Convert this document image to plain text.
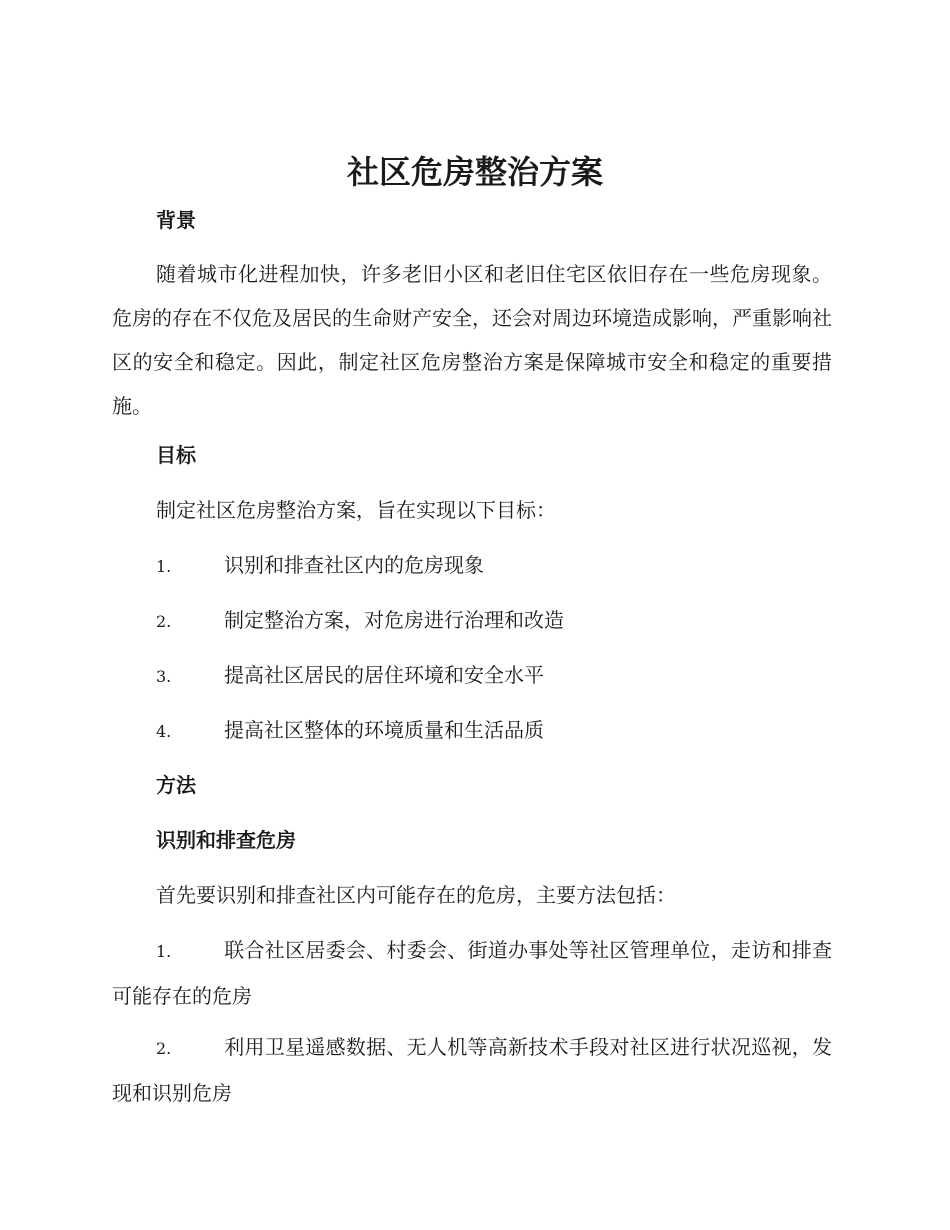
社区危房整治方案
背景

随着城市化进程加快，许多老旧小区和老旧住宅区依旧存在一些危房现象。危房的存在不仅危及居民的生命财产安全，还会对周边环境造成影响，严重影响社区的安全和稳定。因此，制定社区危房整治方案是保障城市安全和稳定的重要措施。

目标

制定社区危房整治方案，旨在实现以下目标：

1.	识别和排查社区内的危房现象

2.	制定整治方案，对危房进行治理和改造

3.	提高社区居民的居住环境和安全水平

4.	提高社区整体的环境质量和生活品质

方法
识别和排查危房

首先要识别和排查社区内可能存在的危房，主要方法包括：

1.	联合社区居委会、村委会、街道办事处等社区管理单位，走访和排查可能存在的危房

2.	利用卫星遥感数据、无人机等高新技术手段对社区进行状况巡视，发现和识别危房
